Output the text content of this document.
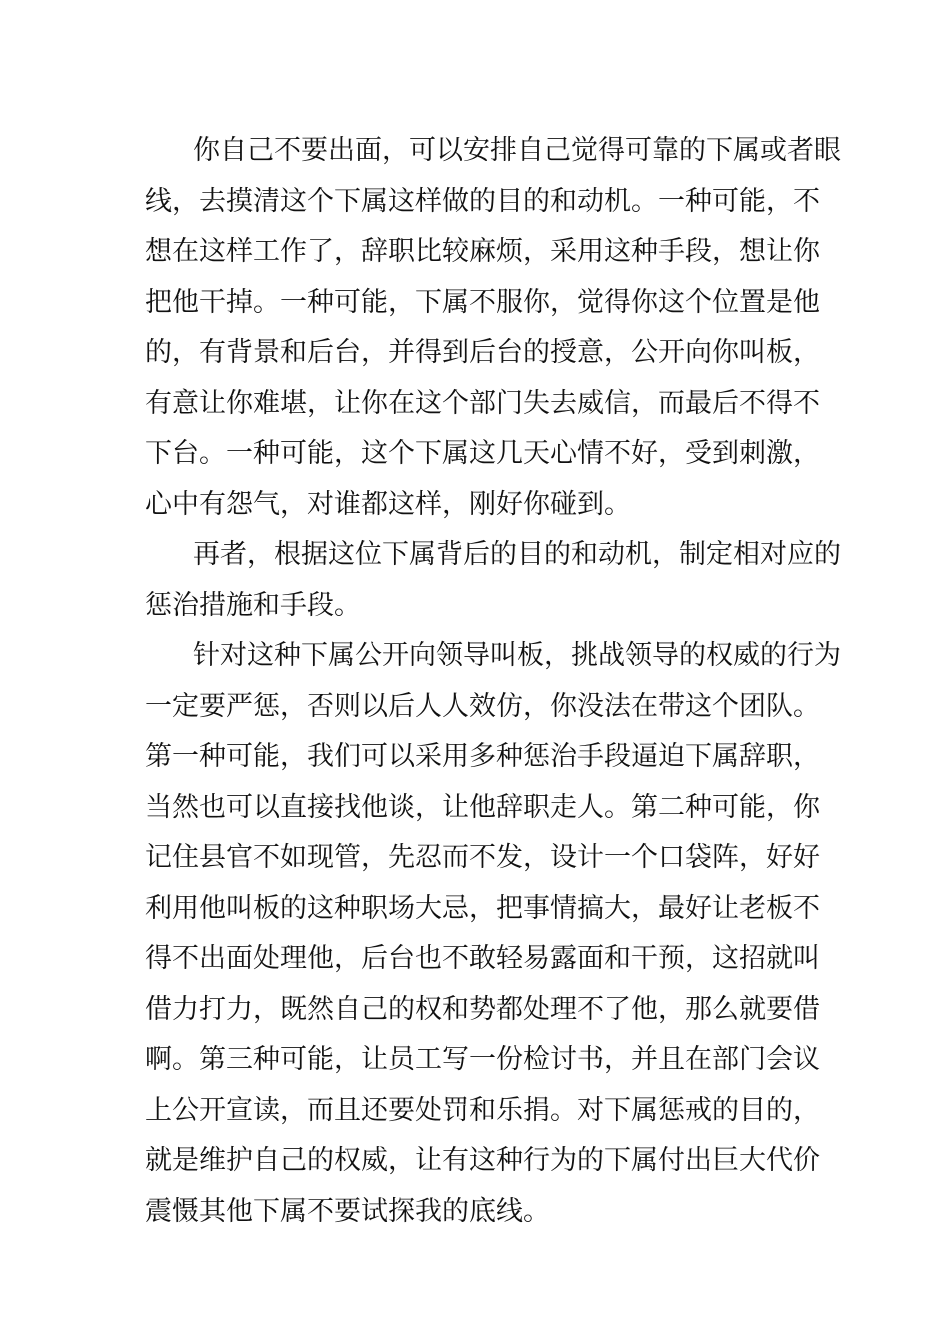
你自己不要出面，可以安排自己觉得可靠的下属或者眼
线，去摸清这个下属这样做的目的和动机。一种可能，不
想在这样工作了，辞职比较麻烦，采用这种手段，想让你
把他干掉。一种可能，下属不服你，觉得你这个位置是他
的，有背景和后台，并得到后台的授意，公开向你叫板，
有意让你难堪，让你在这个部门失去威信，而最后不得不
下台。一种可能，这个下属这几天心情不好，受到刺激，
心中有怨气，对谁都这样，刚好你碰到。
再者，根据这位下属背后的目的和动机，制定相对应的
惩治措施和手段。
针对这种下属公开向领导叫板，挑战领导的权威的行为
一定要严惩，否则以后人人效仿，你没法在带这个团队。
第一种可能，我们可以采用多种惩治手段逼迫下属辞职，
当然也可以直接找他谈，让他辞职走人。第二种可能，你
记住县官不如现管，先忍而不发，设计一个口袋阵，好好
利用他叫板的这种职场大忌，把事情搞大，最好让老板不
得不出面处理他，后台也不敢轻易露面和干预，这招就叫
借力打力，既然自己的权和势都处理不了他，那么就要借
啊。第三种可能，让员工写一份检讨书，并且在部门会议
上公开宣读，而且还要处罚和乐捐。对下属惩戒的目的，
就是维护自己的权威，让有这种行为的下属付出巨大代价
震慑其他下属不要试探我的底线。
